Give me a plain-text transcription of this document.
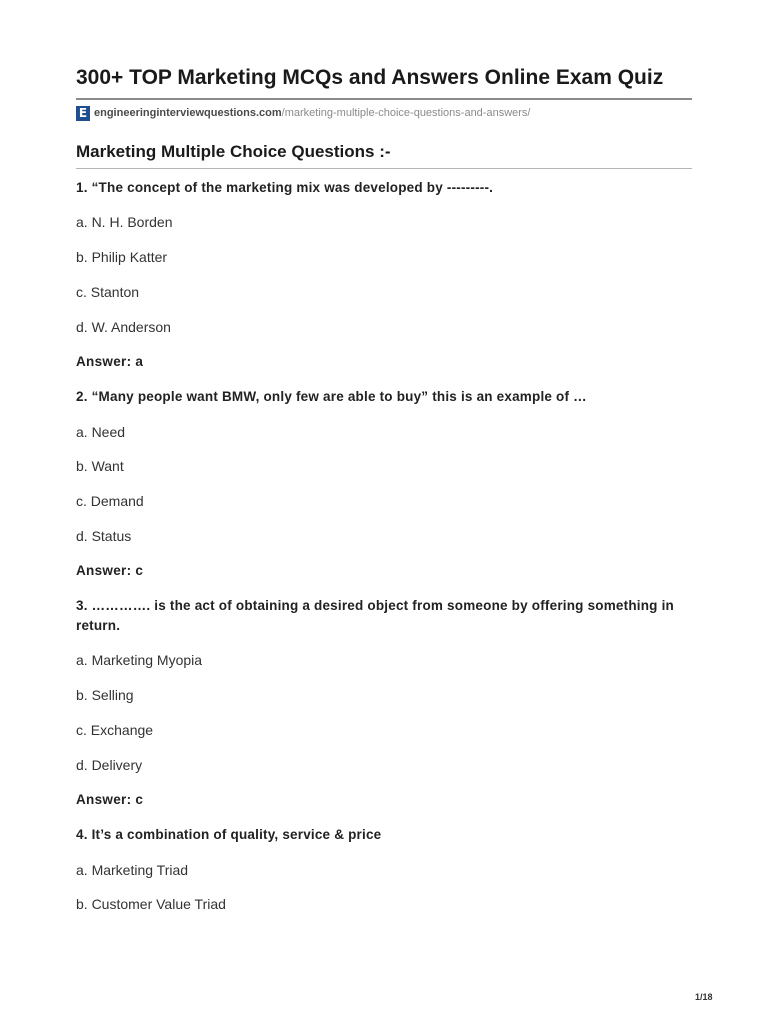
300+ TOP Marketing MCQs and Answers Online Exam Quiz
E engineeringinterviewquestions.com/marketing-multiple-choice-questions-and-answers/
Marketing Multiple Choice Questions :-
1. “The concept of the marketing mix was developed by ---------.
a. N. H. Borden
b. Philip Katter
c. Stanton
d. W. Anderson
Answer: a
2. “Many people want BMW, only few are able to buy” this is an example of …
a. Need
b. Want
c. Demand
d. Status
Answer: c
3. …………. is the act of obtaining a desired object from someone by offering something in return.
a. Marketing Myopia
b. Selling
c. Exchange
d. Delivery
Answer: c
4. It’s a combination of quality, service & price
a. Marketing Triad
b. Customer Value Triad
1/18
